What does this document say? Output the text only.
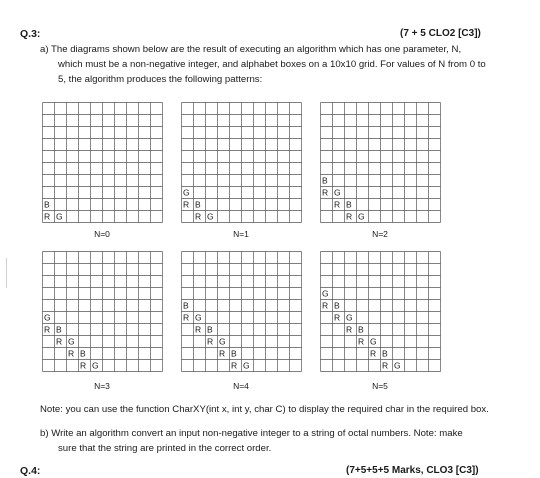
Q.3:	(7 + 5 CLO2 [C3])
a) The diagrams shown below are the result of executing an algorithm which has one parameter, N,
which must be a non-negative integer, and alphabet boxes on a 10x10 grid. For values of N from 0 to
5, the algorithm produces the following patterns:
B
R G
G
R B
R G
B
R G
R B
R G
N=0	N=1	N=2
G
R B
R G
R B
R G
B
R G
R B
R G
R B
R G
G
R B
R G
R B
R G
R B
R G
N=3	N=4	N=5
Note: you can use the function CharXY(int x, int y, char C) to display the required char in the required box.
b) Write an algorithm convert an input non-negative integer to a string of octal numbers. Note: make
sure that the string are printed in the correct order.
Q.4:	(7+5+5+5 Marks, CLO3 [C3])
